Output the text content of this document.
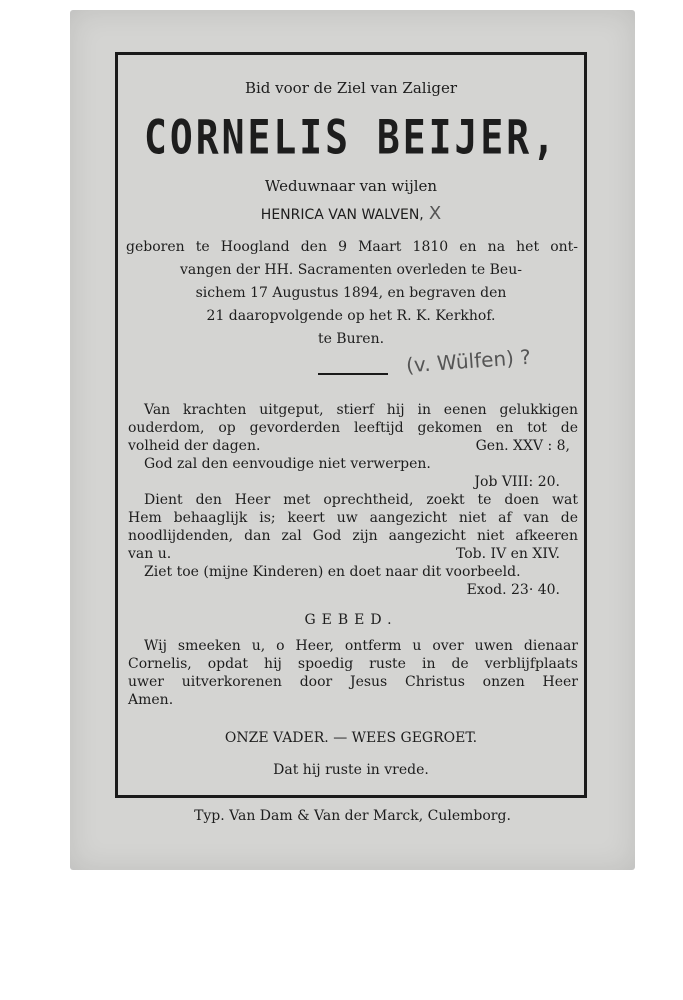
Bid voor de Ziel van Zaliger
CORNELIS BEIJER,
Weduwnaar van wijlen
HENRICA VAN WALVEN, X
geboren te Hoogland den 9 Maart 1810 en na het ont-
vangen der HH. Sacramenten overleden te Beu-
sichem 17 Augustus 1894, en begraven den
21 daaropvolgende op het R. K. Kerkhof.
te Buren.
(v. Wülfen) ?
Van krachten uitgeput, stierf hij in eenen gelukkigen
ouderdom, op gevorderden leeftijd gekomen en tot de
volheid der dagen.	Gen. XXV : 8,
God zal den eenvoudige niet verwerpen.
Job VIII: 20.
Dient den Heer met oprechtheid, zoekt te doen wat
Hem behaaglijk is; keert uw aangezicht niet af van de
noodlijdenden, dan zal God zijn aangezicht niet afkeeren
van u.	Tob. IV en XIV.
Ziet toe (mijne Kinderen) en doet naar dit voorbeeld.
Exod. 23· 40.
GEBED.
Wij smeeken u, o Heer, ontferm u over uwen dienaar
Cornelis, opdat hij spoedig ruste in de verblijfplaats
uwer uitverkorenen door Jesus Christus onzen Heer
Amen.
ONZE VADER. — WEES GEGROET.
Dat hij ruste in vrede.
Typ. Van Dam & Van der Marck, Culemborg.
